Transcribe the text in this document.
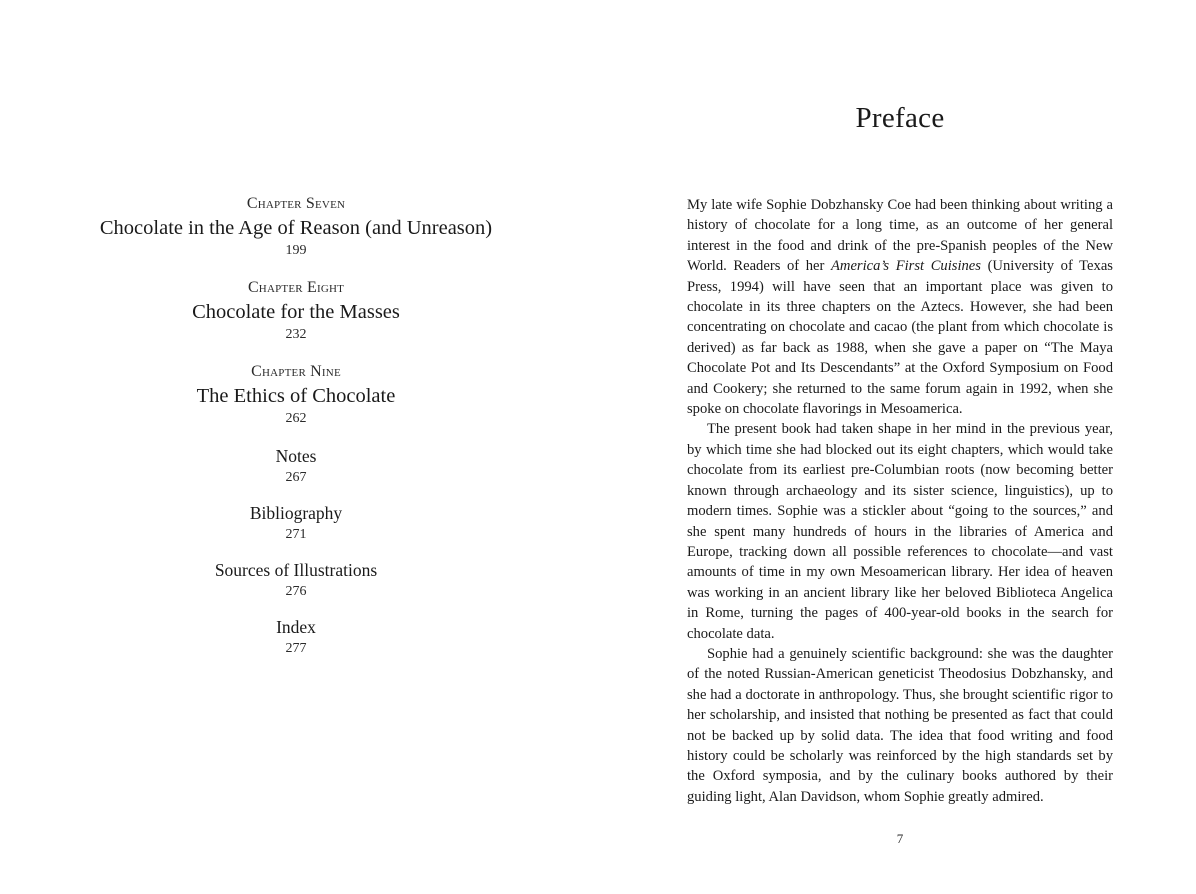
Chapter Seven
Chocolate in the Age of Reason (and Unreason)
199
Chapter Eight
Chocolate for the Masses
232
Chapter Nine
The Ethics of Chocolate
262
Notes
267
Bibliography
271
Sources of Illustrations
276
Index
277
Preface

My late wife Sophie Dobzhansky Coe had been thinking about writing a history of chocolate for a long time, as an outcome of her general interest in the food and drink of the pre-Spanish peoples of the New World. Readers of her America’s First Cuisines (University of Texas Press, 1994) will have seen that an important place was given to chocolate in its three chapters on the Aztecs. However, she had been concentrating on chocolate and cacao (the plant from which chocolate is derived) as far back as 1988, when she gave a paper on “The Maya Chocolate Pot and Its Descendants” at the Oxford Symposium on Food and Cookery; she returned to the same forum again in 1992, when she spoke on chocolate flavorings in Mesoamerica.

The present book had taken shape in her mind in the previous year, by which time she had blocked out its eight chapters, which would take chocolate from its earliest pre-Columbian roots (now becoming better known through archaeology and its sister science, linguistics), up to modern times. Sophie was a stickler about “going to the sources,” and she spent many hundreds of hours in the libraries of America and Europe, tracking down all possible references to chocolate—and vast amounts of time in my own Mesoamerican library. Her idea of heaven was working in an ancient library like her beloved Biblioteca Angelica in Rome, turning the pages of 400-year-old books in the search for chocolate data.

Sophie had a genuinely scientific background: she was the daughter of the noted Russian-American geneticist Theodosius Dobzhansky, and she had a doctorate in anthropology. Thus, she brought scientific rigor to her scholarship, and insisted that nothing be presented as fact that could not be backed up by solid data. The idea that food writing and food history could be scholarly was reinforced by the high standards set by the Oxford symposia, and by the culinary books authored by their guiding light, Alan Davidson, whom Sophie greatly admired.

7
